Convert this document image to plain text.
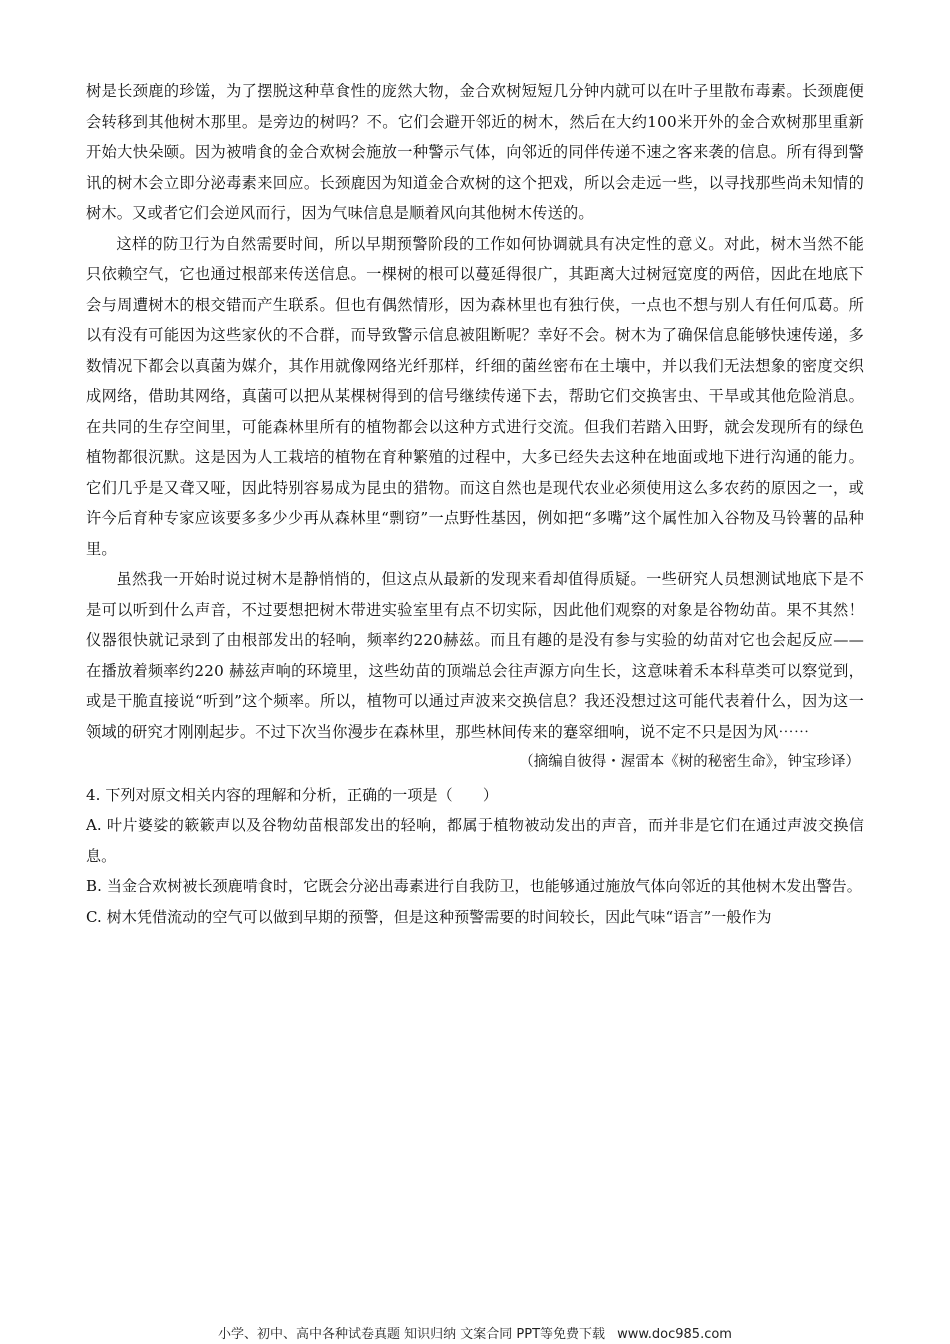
树是长颈鹿的珍馐，为了摆脱这种草食性的庞然大物，金合欢树短短几分钟内就可以在叶子里散布毒素。长颈鹿便会转移到其他树木那里。是旁边的树吗？不。它们会避开邻近的树木，然后在大约100米开外的金合欢树那里重新开始大快朵颐。因为被啃食的金合欢树会施放一种警示气体，向邻近的同伴传递不速之客来袭的信息。所有得到警讯的树木会立即分泌毒素来回应。长颈鹿因为知道金合欢树的这个把戏，所以会走远一些，以寻找那些尚未知情的树木。又或者它们会逆风而行，因为气味信息是顺着风向其他树木传送的。

这样的防卫行为自然需要时间，所以早期预警阶段的工作如何协调就具有决定性的意义。对此，树木当然不能只依赖空气，它也通过根部来传送信息。一棵树的根可以蔓延得很广，其距离大过树冠宽度的两倍，因此在地底下会与周遭树木的根交错而产生联系。但也有偶然情形，因为森林里也有独行侠，一点也不想与别人有任何瓜葛。所以有没有可能因为这些家伙的不合群，而导致警示信息被阻断呢？幸好不会。树木为了确保信息能够快速传递，多数情况下都会以真菌为媒介，其作用就像网络光纤那样，纤细的菌丝密布在土壤中，并以我们无法想象的密度交织成网络，借助其网络，真菌可以把从某棵树得到的信号继续传递下去，帮助它们交换害虫、干旱或其他危险消息。在共同的生存空间里，可能森林里所有的植物都会以这种方式进行交流。但我们若踏入田野，就会发现所有的绿色植物都很沉默。这是因为人工栽培的植物在育种繁殖的过程中，大多已经失去这种在地面或地下进行沟通的能力。它们几乎是又聋又哑，因此特别容易成为昆虫的猎物。而这自然也是现代农业必须使用这么多农药的原因之一，或许今后育种专家应该要多多少少再从森林里“剽窃”一点野性基因，例如把“多嘴”这个属性加入谷物及马铃薯的品种里。

虽然我一开始时说过树木是静悄悄的，但这点从最新的发现来看却值得质疑。一些研究人员想测试地底下是不是可以听到什么声音，不过要想把树木带进实验室里有点不切实际，因此他们观察的对象是谷物幼苗。果不其然！仪器很快就记录到了由根部发出的轻响，频率约220赫兹。而且有趣的是没有参与实验的幼苗对它也会起反应——在播放着频率约220 赫兹声响的环境里，这些幼苗的顶端总会往声源方向生长，这意味着禾本科草类可以察觉到，或是干脆直接说“听到”这个频率。所以，植物可以通过声波来交换信息？我还没想过这可能代表着什么，因为这一领域的研究才刚刚起步。不过下次当你漫步在森林里，那些林间传来的蹇窣细响，说不定不只是因为风⋯⋯

（摘编自彼得・渥雷本《树的秘密生命》，钟宝珍译）

4. 下列对原文相关内容的理解和分析，正确的一项是（　　）

A. 叶片婆娑的簌簌声以及谷物幼苗根部发出的轻响，都属于植物被动发出的声音，而并非是它们在通过声波交换信息。

B. 当金合欢树被长颈鹿啃食时，它既会分泌出毒素进行自我防卫，也能够通过施放气体向邻近的其他树木发出警告。

C. 树木凭借流动的空气可以做到早期的预警，但是这种预警需要的时间较长，因此气味“语言”一般作为

小学、初中、高中各种试卷真题 知识归纳 文案合同 PPT等免费下载 www.doc985.com
